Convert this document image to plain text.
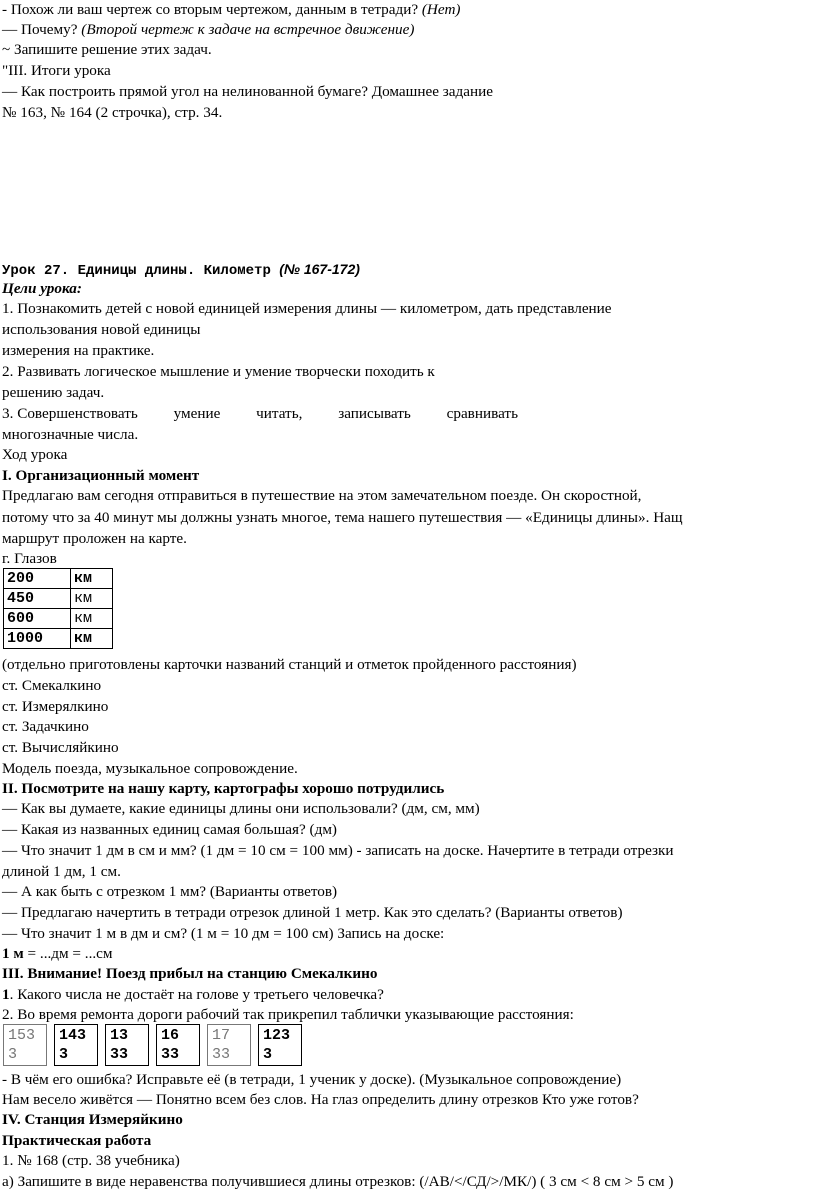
- Похож ли ваш чертеж со вторым чертежом, данным в тетради? (Нет)
— Почему? (Второй чертеж к задаче на встречное движение)
~ Запишите решение этих задач.
"III. Итоги урока
— Как построить прямой угол на нелинованной бумаге? Домашнее задание
№ 163, № 164 (2 строчка), стр. 34.
Урок 27. Единицы длины. Километр (№ 167-172)
Цели урока:
1. Познакомить детей с новой единицей измерения длины — километром, дать представление
использования новой единицы
измерения на практике.
2. Развивать логическое мышление и умение творчески походить к
решению задач.
3. Совершенствовать умение читать, записывать сравнивать
многозначные числа.
Ход урока
I. Организационный момент
Предлагаю вам сегодня отправиться в путешествие на этом замечательном поезде. Он скоростной,
потому что за 40 минут мы должны узнать многое, тема нашего путешествия — «Единицы длины». Нащ
маршрут проложен на карте.
г. Глазов
200	км
450	км
600	км
1000	км
(отдельно приготовлены карточки названий станций и отметок пройденного расстояния)
ст. Смекалкино
ст. Измерялкино
ст. Задачкино
ст. Вычисляйкино
Модель поезда, музыкальное сопровождение.
II. Посмотрите на нашу карту, картографы хорошо потрудились
— Как вы думаете, какие единицы длины они использовали? (дм, см, мм)
— Какая из названных единиц самая большая? (дм)
— Что значит 1 дм в см и мм? (1 дм = 10 см = 100 мм) - записать на доске. Начертите в тетради отрезки
длиной 1 дм, 1 см.
— А как быть с отрезком 1 мм? (Варианты ответов)
— Предлагаю начертить в тетради отрезок длиной 1 метр. Как это сделать? (Варианты ответов)
— Что значит 1 м в дм и см? (1 м = 10 дм = 100 см) Запись на доске:
1 м = ...дм = ...см
III. Внимание! Поезд прибыл на станцию Смекалкино
1. Какого числа не достаёт на голове у третьего человечка?
2. Во время ремонта дороги рабочий так прикрепил таблички указывающие расстояния:
153
3
143
3
13
33
16
33
17
33
123
3
- В чём его ошибка? Исправьте её (в тетради, 1 ученик у доске). (Музыкальное сопровождение)
Нам весело живётся — Понятно всем без слов. На глаз определить длину отрезков Кто уже готов?
IV. Станция Измеряйкино
Практическая работа
1. № 168 (стр. 38 учебника)
а) Запишите в виде неравенства получившиеся длины отрезков: (/АВ/</СД/>/МК/) ( 3 см < 8 см > 5 см )
